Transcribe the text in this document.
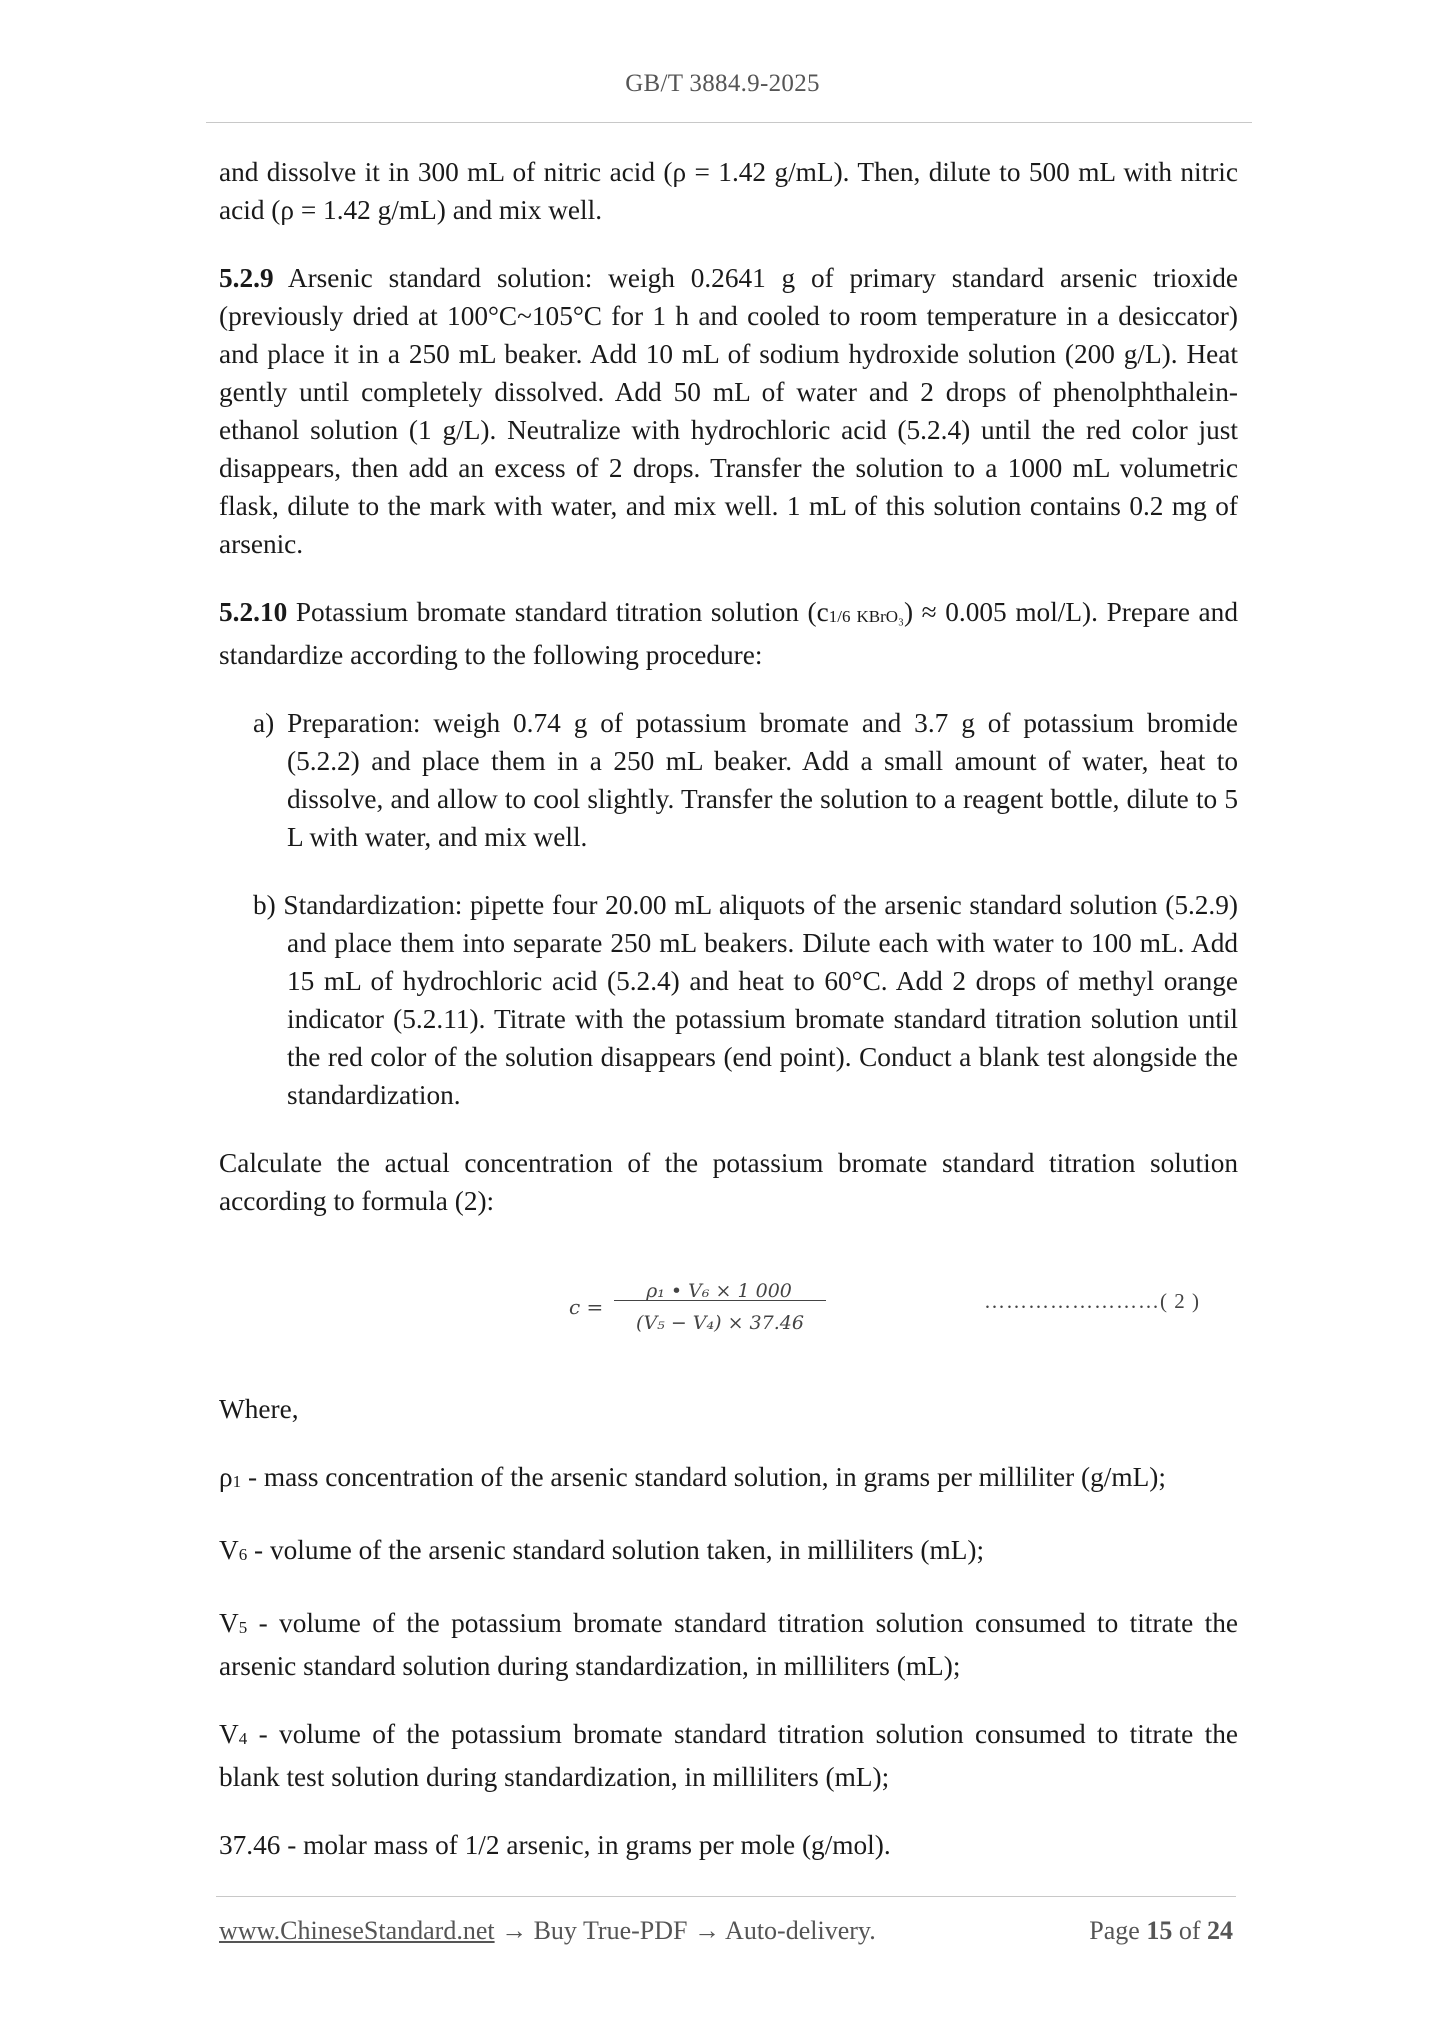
GB/T 3884.9-2025

and dissolve it in 300 mL of nitric acid (ρ = 1.42 g/mL). Then, dilute to 500 mL with nitric acid (ρ = 1.42 g/mL) and mix well.

5.2.9 Arsenic standard solution: weigh 0.2641 g of primary standard arsenic trioxide (previously dried at 100°C~105°C for 1 h and cooled to room temperature in a desiccator) and place it in a 250 mL beaker. Add 10 mL of sodium hydroxide solution (200 g/L). Heat gently until completely dissolved. Add 50 mL of water and 2 drops of phenolphthalein-ethanol solution (1 g/L). Neutralize with hydrochloric acid (5.2.4) until the red color just disappears, then add an excess of 2 drops. Transfer the solution to a 1000 mL volumetric flask, dilute to the mark with water, and mix well. 1 mL of this solution contains 0.2 mg of arsenic.

5.2.10 Potassium bromate standard titration solution (c1/6 KBrO₃) ≈ 0.005 mol/L). Prepare and standardize according to the following procedure:

a) Preparation: weigh 0.74 g of potassium bromate and 3.7 g of potassium bromide (5.2.2) and place them in a 250 mL beaker. Add a small amount of water, heat to dissolve, and allow to cool slightly. Transfer the solution to a reagent bottle, dilute to 5 L with water, and mix well.

b) Standardization: pipette four 20.00 mL aliquots of the arsenic standard solution (5.2.9) and place them into separate 250 mL beakers. Dilute each with water to 100 mL. Add 15 mL of hydrochloric acid (5.2.4) and heat to 60°C. Add 2 drops of methyl orange indicator (5.2.11). Titrate with the potassium bromate standard titration solution until the red color of the solution disappears (end point). Conduct a blank test alongside the standardization.

Calculate the actual concentration of the potassium bromate standard titration solution according to formula (2):

c =
ρ₁ • V₆ × 1 000
(V₅ − V₄) × 37.46
……………………( 2 )

Where,

ρ1 - mass concentration of the arsenic standard solution, in grams per milliliter (g/mL);

V6 - volume of the arsenic standard solution taken, in milliliters (mL);

V5 - volume of the potassium bromate standard titration solution consumed to titrate the arsenic standard solution during standardization, in milliliters (mL);

V4 - volume of the potassium bromate standard titration solution consumed to titrate the blank test solution during standardization, in milliliters (mL);

37.46 - molar mass of 1/2 arsenic, in grams per mole (g/mol).

www.ChineseStandard.net → Buy True-PDF → Auto-delivery.	Page 15 of 24
